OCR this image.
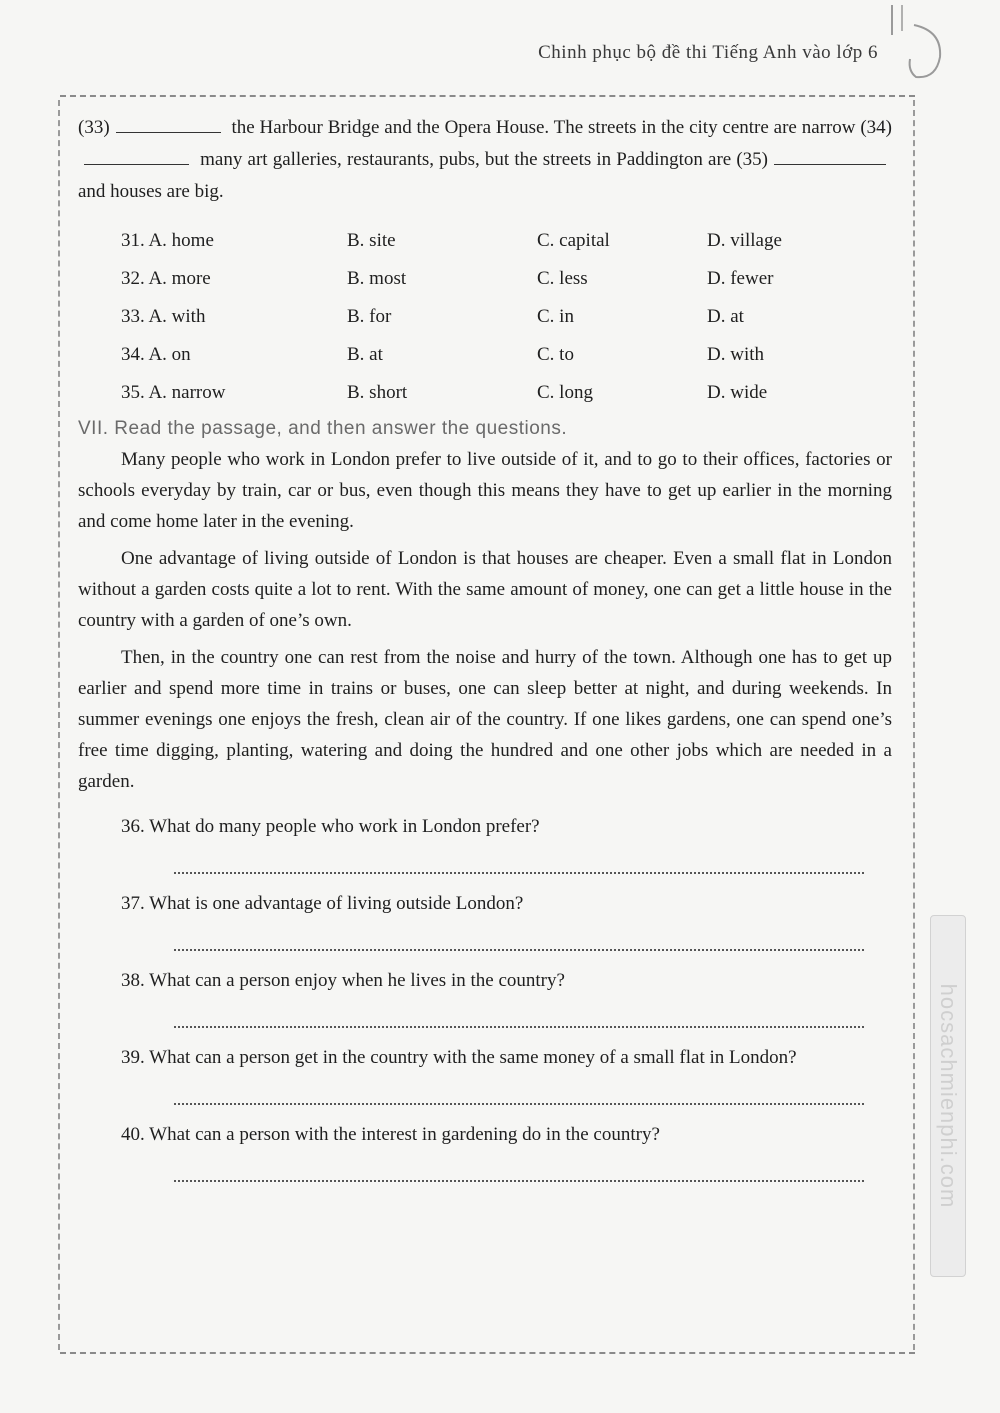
Chinh phục bộ đề thi Tiếng Anh vào lớp 6
hocsachmienphi.com

(33)	the Harbour Bridge and the Opera House. The streets in the city centre are narrow (34) many art galleries, restaurants, pubs, but the streets in Paddington are (35) and houses are big.

31. A. home	B. site	C. capital	D. village
32. A. more	B. most	C. less	D. fewer
33. A. with	B. for	C. in	D. at
34. A. on	B. at	C. to	D. with
35. A. narrow	B. short	C. long	D. wide
VII. Read the passage, and then answer the questions.

Many people who work in London prefer to live outside of it, and to go to their offices, factories or schools everyday by train, car or bus, even though this means they have to get up earlier in the morning and come home later in the evening.

One advantage of living outside of London is that houses are cheaper. Even a small flat in London without a garden costs quite a lot to rent. With the same amount of money, one can get a little house in the country with a garden of one’s own.

Then, in the country one can rest from the noise and hurry of the town. Although one has to get up earlier and spend more time in trains or buses, one can sleep better at night, and during weekends. In summer evenings one enjoys the fresh, clean air of the country. If one likes gardens, one can spend one’s free time digging, planting, watering and doing the hundred and one other jobs which are needed in a garden.

36. What do many people who work in London prefer?
37. What is one advantage of living outside London?
38. What can a person enjoy when he lives in the country?
39. What can a person get in the country with the same money of a small flat in London?
40. What can a person with the interest in gardening do in the country?
